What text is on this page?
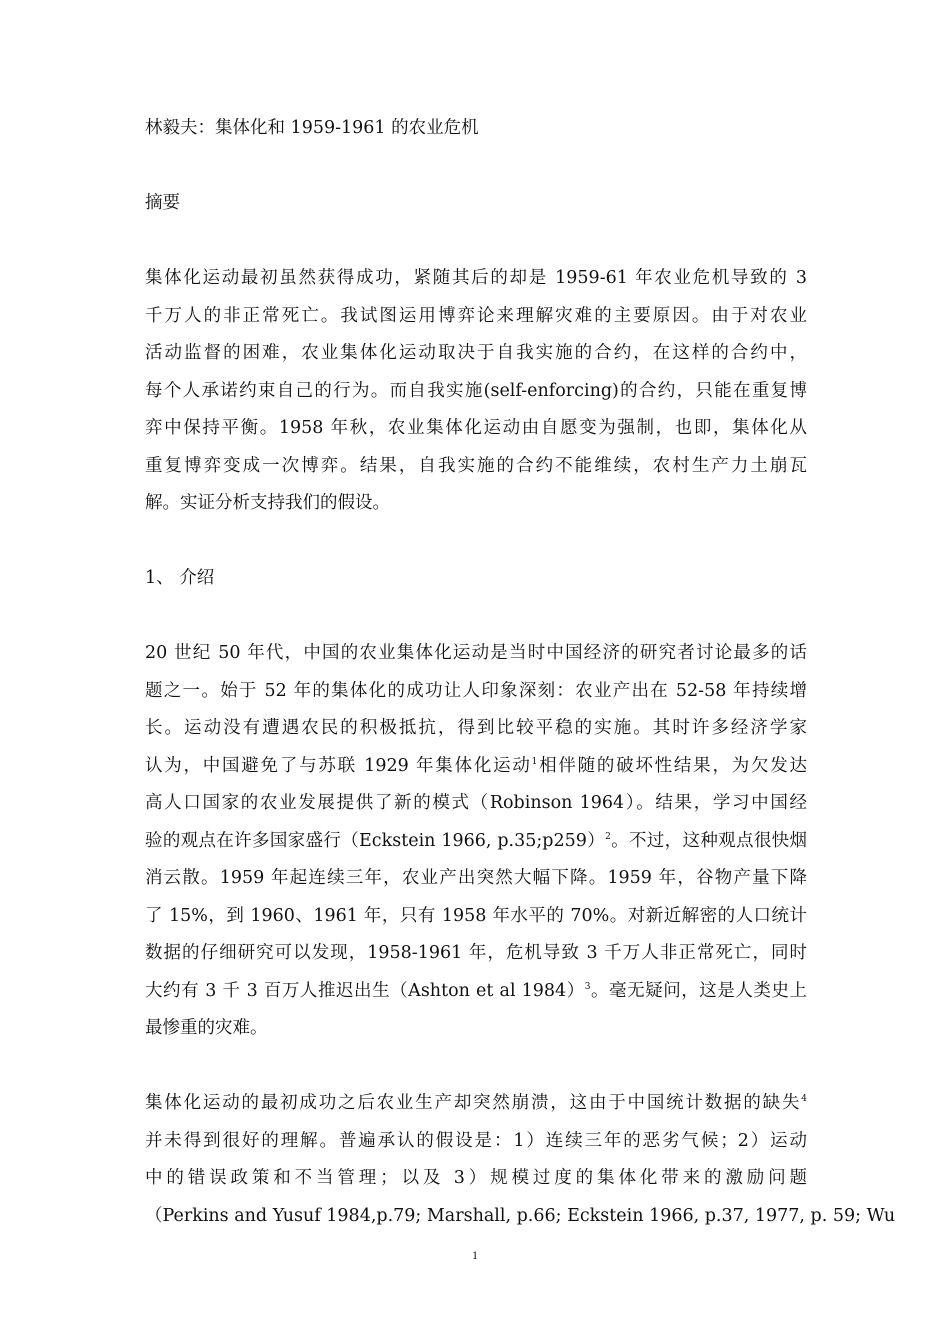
林毅夫：集体化和 1959-1961 的农业危机
摘要
集体化运动最初虽然获得成功，紧随其后的却是 1959-61 年农业危机导致的 3
千万人的非正常死亡。我试图运用博弈论来理解灾难的主要原因。由于对农业
活动监督的困难，农业集体化运动取决于自我实施的合约，在这样的合约中，
每个人承诺约束自己的行为。而自我实施(self-enforcing)的合约，只能在重复博
弈中保持平衡。1958 年秋，农业集体化运动由自愿变为强制，也即，集体化从
重复博弈变成一次博弈。结果，自我实施的合约不能维续，农村生产力土崩瓦
解。实证分析支持我们的假设。
1、 介绍
20 世纪 50 年代，中国的农业集体化运动是当时中国经济的研究者讨论最多的话
题之一。始于 52 年的集体化的成功让人印象深刻：农业产出在 52-58 年持续增
长。运动没有遭遇农民的积极抵抗，得到比较平稳的实施。其时许多经济学家
认为，中国避免了与苏联 1929 年集体化运动$^1$相伴随的破坏性结果，为欠发达
高人口国家的农业发展提供了新的模式（Robinson 1964）。结果，学习中国经
验的观点在许多国家盛行（Eckstein 1966, p.35;p259）$^2$。不过，这种观点很快烟
消云散。1959 年起连续三年，农业产出突然大幅下降。1959 年，谷物产量下降
了 15%，到 1960、1961 年，只有 1958 年水平的 70%。对新近解密的人口统计
数据的仔细研究可以发现，1958-1961 年，危机导致 3 千万人非正常死亡，同时
大约有 3 千 3 百万人推迟出生（Ashton et al 1984）$^3$。毫无疑问，这是人类史上
最惨重的灾难。
集体化运动的最初成功之后农业生产却突然崩溃，这由于中国统计数据的缺失$^4$
并未得到很好的理解。普遍承认的假设是：1）连续三年的恶劣气候；2）运动
中的错误政策和不当管理；以及 3）规模过度的集体化带来的激励问题
（Perkins and Yusuf 1984,p.79; Marshall, p.66; Eckstein 1966, p.37, 1977, p. 59; Wu
1
